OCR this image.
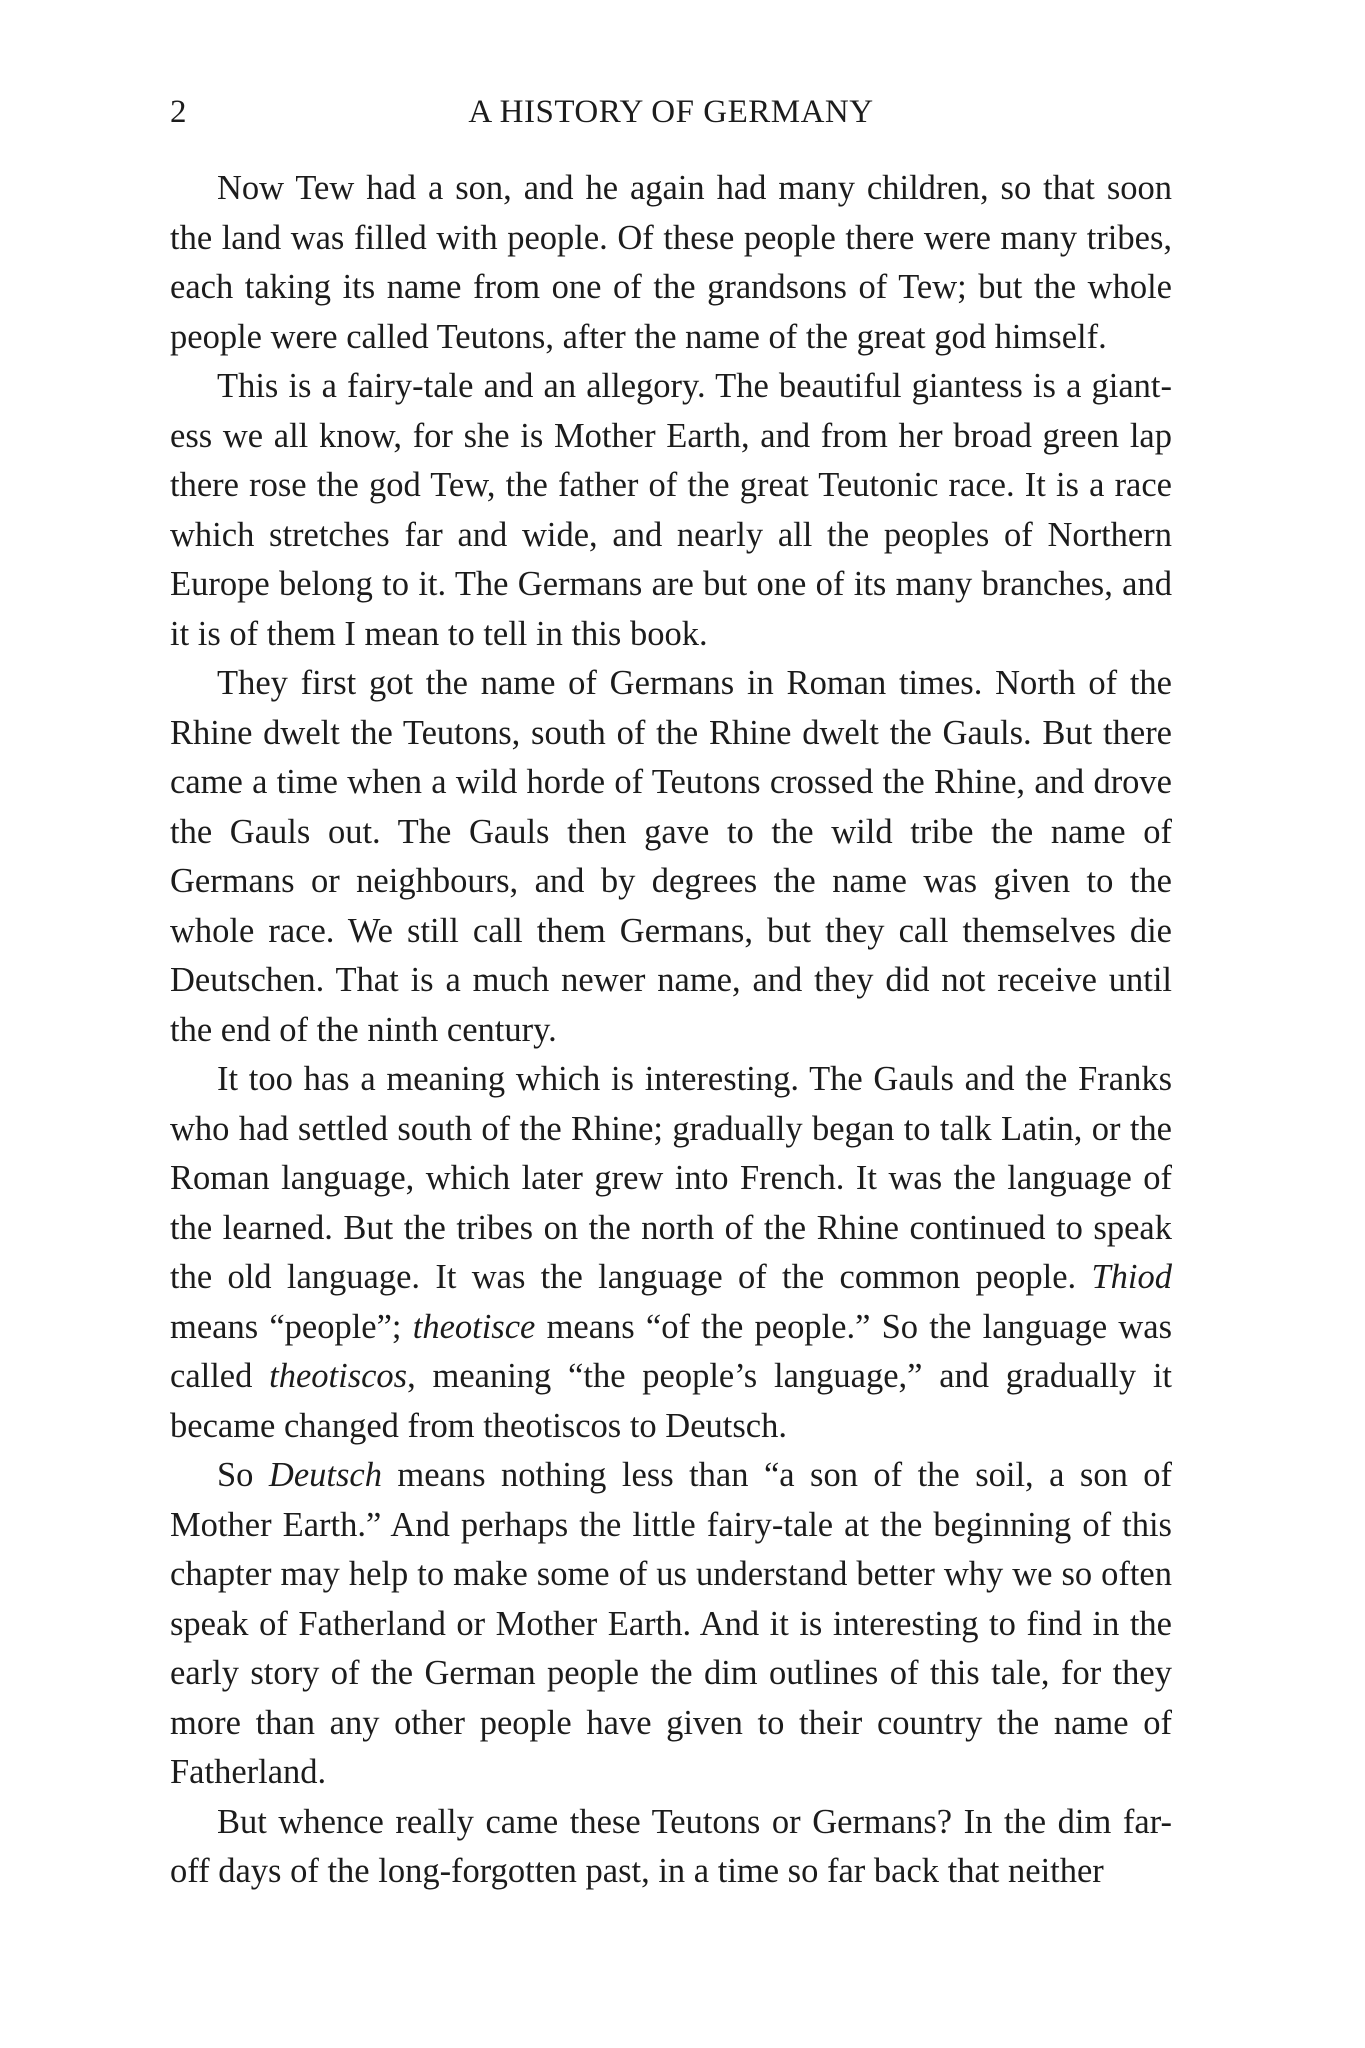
2	A HISTORY OF GERMANY

Now Tew had a son, and he again had many children, so that soon the land was filled with people. Of these people there were many tribes, each taking its name from one of the grandsons of Tew; but the whole people were called Teutons, after the name of the great god himself.

This is a fairy-tale and an allegory. The beautiful giantess is a giantess we all know, for she is Mother Earth, and from her broad green lap there rose the god Tew, the father of the great Teutonic race. It is a race which stretches far and wide, and nearly all the peoples of Northern Europe belong to it. The Germans are but one of its many branches, and it is of them I mean to tell in this book.

They first got the name of Germans in Roman times. North of the Rhine dwelt the Teutons, south of the Rhine dwelt the Gauls. But there came a time when a wild horde of Teutons crossed the Rhine, and drove the Gauls out. The Gauls then gave to the wild tribe the name of Germans or neighbours, and by degrees the name was given to the whole race. We still call them Germans, but they call themselves die Deutschen. That is a much newer name, and they did not receive until the end of the ninth century.

It too has a meaning which is interesting. The Gauls and the Franks who had settled south of the Rhine; gradually began to talk Latin, or the Roman language, which later grew into French. It was the language of the learned. But the tribes on the north of the Rhine continued to speak the old language. It was the language of the common people. Thiod means “people”; theotisce means “of the people.” So the language was called theotiscos, meaning “the people’s language,” and gradually it became changed from theotiscos to Deutsch.

So Deutsch means nothing less than “a son of the soil, a son of Mother Earth.” And perhaps the little fairy-tale at the beginning of this chapter may help to make some of us understand better why we so often speak of Fatherland or Mother Earth. And it is interesting to find in the early story of the German people the dim outlines of this tale, for they more than any other people have given to their country the name of Fatherland.

But whence really came these Teutons or Germans? In the dim far-off days of the long-forgotten past, in a time so far back that neither
